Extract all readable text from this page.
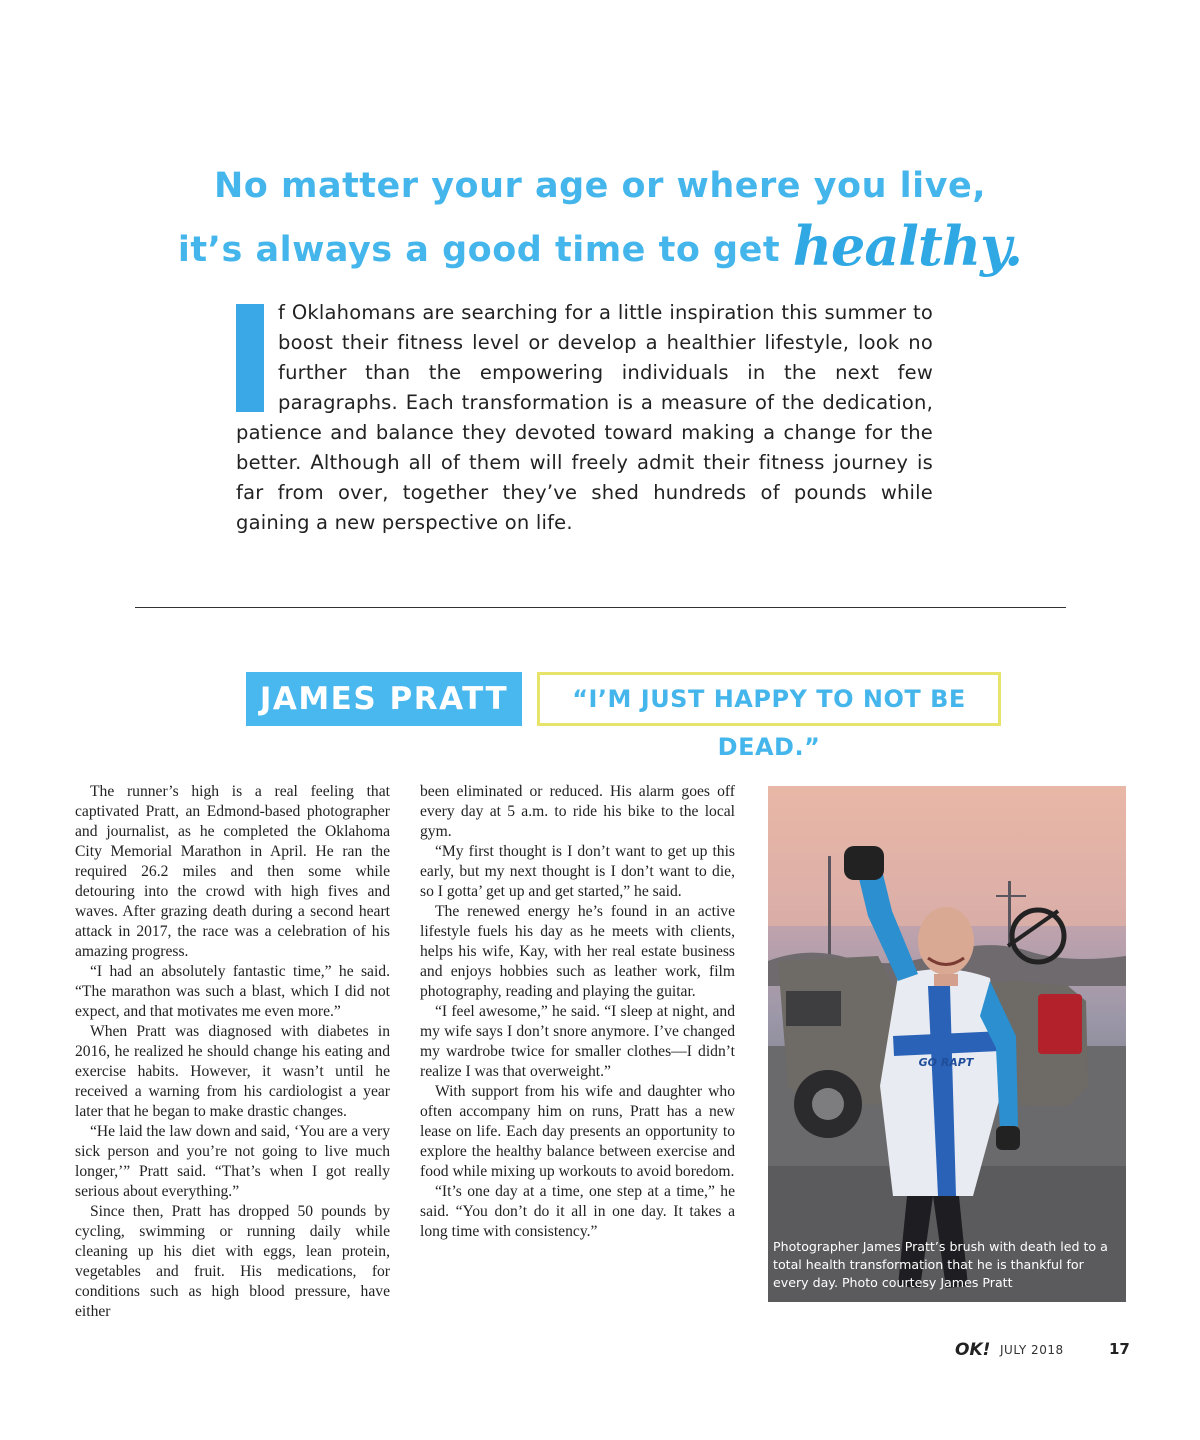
No matter your age or where you live,
it’s always a good time to get healthy.
f Oklahomans are searching for a little inspiration this summer to boost their fitness level or develop a healthier lifestyle, look no further than the empowering individuals in the next few paragraphs. Each transformation is a measure of the dedication, patience and balance they devoted toward making a change for the better. Although all of them will freely admit their fitness journey is far from over, together they’ve shed hundreds of pounds while gaining a new perspective on life.
JAMES PRATT	“I’M JUST HAPPY TO NOT BE DEAD.”

The runner’s high is a real feeling that captivated Pratt, an Edmond-based photographer and journalist, as he completed the Oklahoma City Memorial Marathon in April. He ran the required 26.2 miles and then some while detouring into the crowd with high fives and waves. After grazing death during a second heart attack in 2017, the race was a celebration of his amazing progress.

“I had an absolutely fantastic time,” he said. “The marathon was such a blast, which I did not expect, and that motivates me even more.”

When Pratt was diagnosed with diabetes in 2016, he realized he should change his eating and exercise habits. However, it wasn’t until he received a warning from his cardiologist a year later that he began to make drastic changes.

“He laid the law down and said, ‘You are a very sick person and you’re not going to live much longer,’” Pratt said. “That’s when I got really serious about everything.”

Since then, Pratt has dropped 50 pounds by cycling, swimming or running daily while cleaning up his diet with eggs, lean protein, vegetables and fruit. His medications, for conditions such as high blood pressure, have either

been eliminated or reduced. His alarm goes off every day at 5 a.m. to ride his bike to the local gym.

“My first thought is I don’t want to get up this early, but my next thought is I don’t want to die, so I gotta’ get up and get started,” he said.

The renewed energy he’s found in an active lifestyle fuels his day as he meets with clients, helps his wife, Kay, with her real estate business and enjoys hobbies such as leather work, film photography, reading and playing the guitar.

“I feel awesome,” he said. “I sleep at night, and my wife says I don’t snore anymore. I’ve changed my wardrobe twice for smaller clothes—I didn’t realize I was that overweight.”

With support from his wife and daughter who often accompany him on runs, Pratt has a new lease on life. Each day presents an opportunity to explore the healthy balance between exercise and food while mixing up workouts to avoid boredom.

“It’s one day at a time, one step at a time,” he said. “You don’t do it all in one day. It takes a long time with consistency.”

GO RAPT
Photographer James Pratt’s brush with death led to a total health transformation that he is thankful for every day. Photo courtesy James Pratt
OK! JULY 2018	17
